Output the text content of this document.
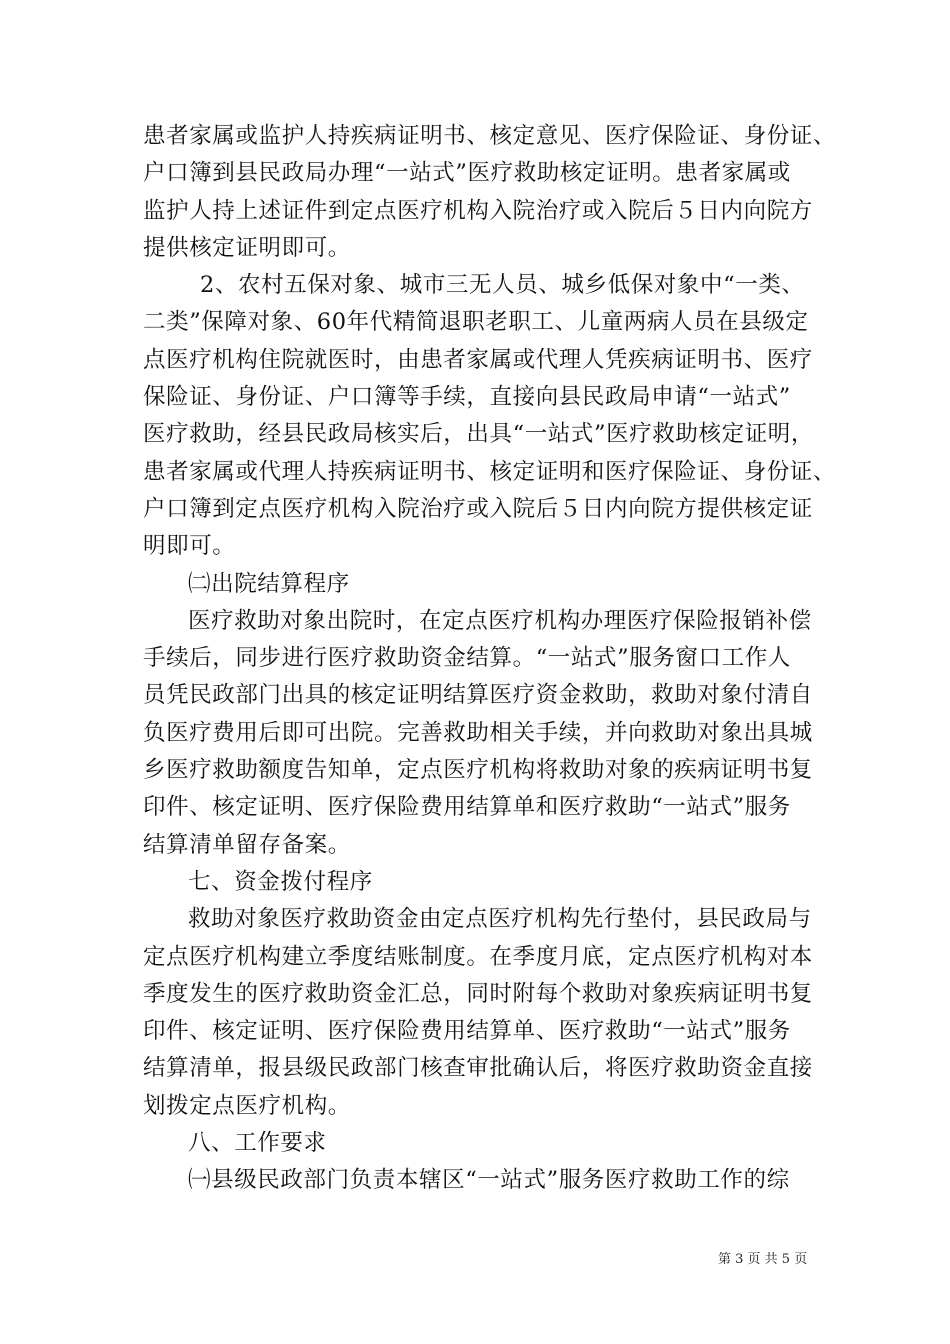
患者家属或监护人持疾病证明书、核定意见、医疗保险证、身份证、
户口簿到县民政局办理“一站式”医疗救助核定证明。患者家属或
监护人持上述证件到定点医疗机构入院治疗或入院后５日内向院方
提供核定证明即可。
2、农村五保对象、城市三无人员、城乡低保对象中“一类、
二类”保障对象、60年代精简退职老职工、儿童两病人员在县级定
点医疗机构住院就医时，由患者家属或代理人凭疾病证明书、医疗
保险证、身份证、户口簿等手续，直接向县民政局申请“一站式”
医疗救助，经县民政局核实后，出具“一站式”医疗救助核定证明，
患者家属或代理人持疾病证明书、核定证明和医疗保险证、身份证、
户口簿到定点医疗机构入院治疗或入院后５日内向院方提供核定证
明即可。
㈡出院结算程序
医疗救助对象出院时，在定点医疗机构办理医疗保险报销补偿
手续后，同步进行医疗救助资金结算。“一站式”服务窗口工作人
员凭民政部门出具的核定证明结算医疗资金救助，救助对象付清自
负医疗费用后即可出院。完善救助相关手续，并向救助对象出具城
乡医疗救助额度告知单，定点医疗机构将救助对象的疾病证明书复
印件、核定证明、医疗保险费用结算单和医疗救助“一站式”服务
结算清单留存备案。
七、资金拨付程序
救助对象医疗救助资金由定点医疗机构先行垫付，县民政局与
定点医疗机构建立季度结账制度。在季度月底，定点医疗机构对本
季度发生的医疗救助资金汇总，同时附每个救助对象疾病证明书复
印件、核定证明、医疗保险费用结算单、医疗救助“一站式”服务
结算清单，报县级民政部门核查审批确认后，将医疗救助资金直接
划拨定点医疗机构。
八、工作要求
㈠县级民政部门负责本辖区“一站式”服务医疗救助工作的综
第 3 页 共 5 页
